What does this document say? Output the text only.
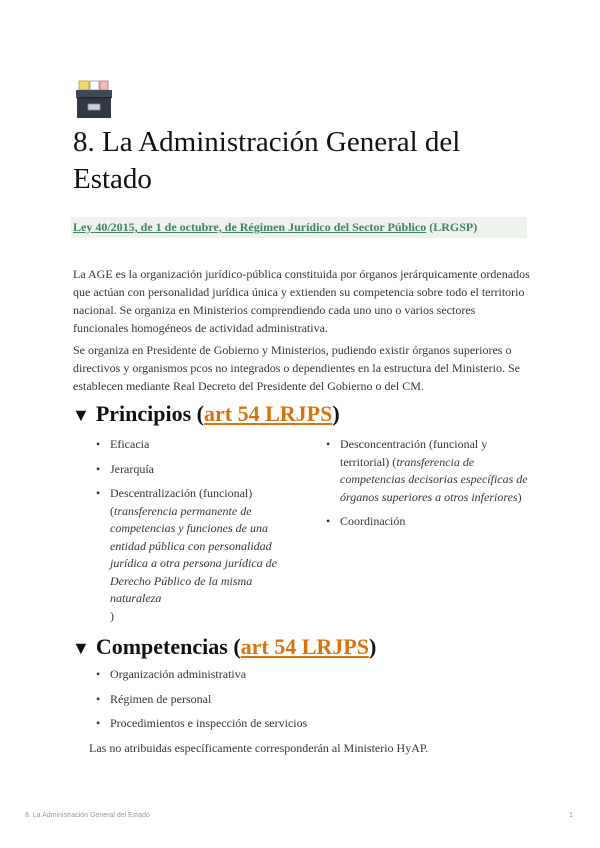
8. La Administración General del Estado
Ley 40/2015, de 1 de octubre, de Régimen Jurídico del Sector Público (LRGSP)

La AGE es la organización jurídico-pública constituida por órganos jerárquicamente ordenados que actúan con personalidad jurídica única y extienden su competencia sobre todo el territorio nacional. Se organiza en Ministerios comprendiendo cada uno uno o varios sectores funcionales homogéneos de actividad administrativa.

Se organiza en Presidente de Gobierno y Ministerios, pudiendo existir órganos superiores o directivos y organismos pcos no integrados o dependientes en la estructura del Ministerio. Se establecen mediante Real Decreto del Presidente del Gobierno o del CM.

▼ Principios (art 54 LRJPS)
• Eficacia
• Jerarquía
• Descentralización (funcional)
(transferencia permanente de competencias y funciones de una entidad pública con personalidad jurídica a otra persona jurídica de Derecho Público de la misma naturaleza
)
• Desconcentración (funcional y territorial) (transferencia de competencias decisorias específicas de órganos superiores a otros inferiores)
• Coordinación
▼ Competencias (art 54 LRJPS)
• Organización administrativa
• Régimen de personal
• Procedimientos e inspección de servicios

Las no atribuidas específicamente corresponderán al Ministerio HyAP.

8. La Administración General del Estado	1
